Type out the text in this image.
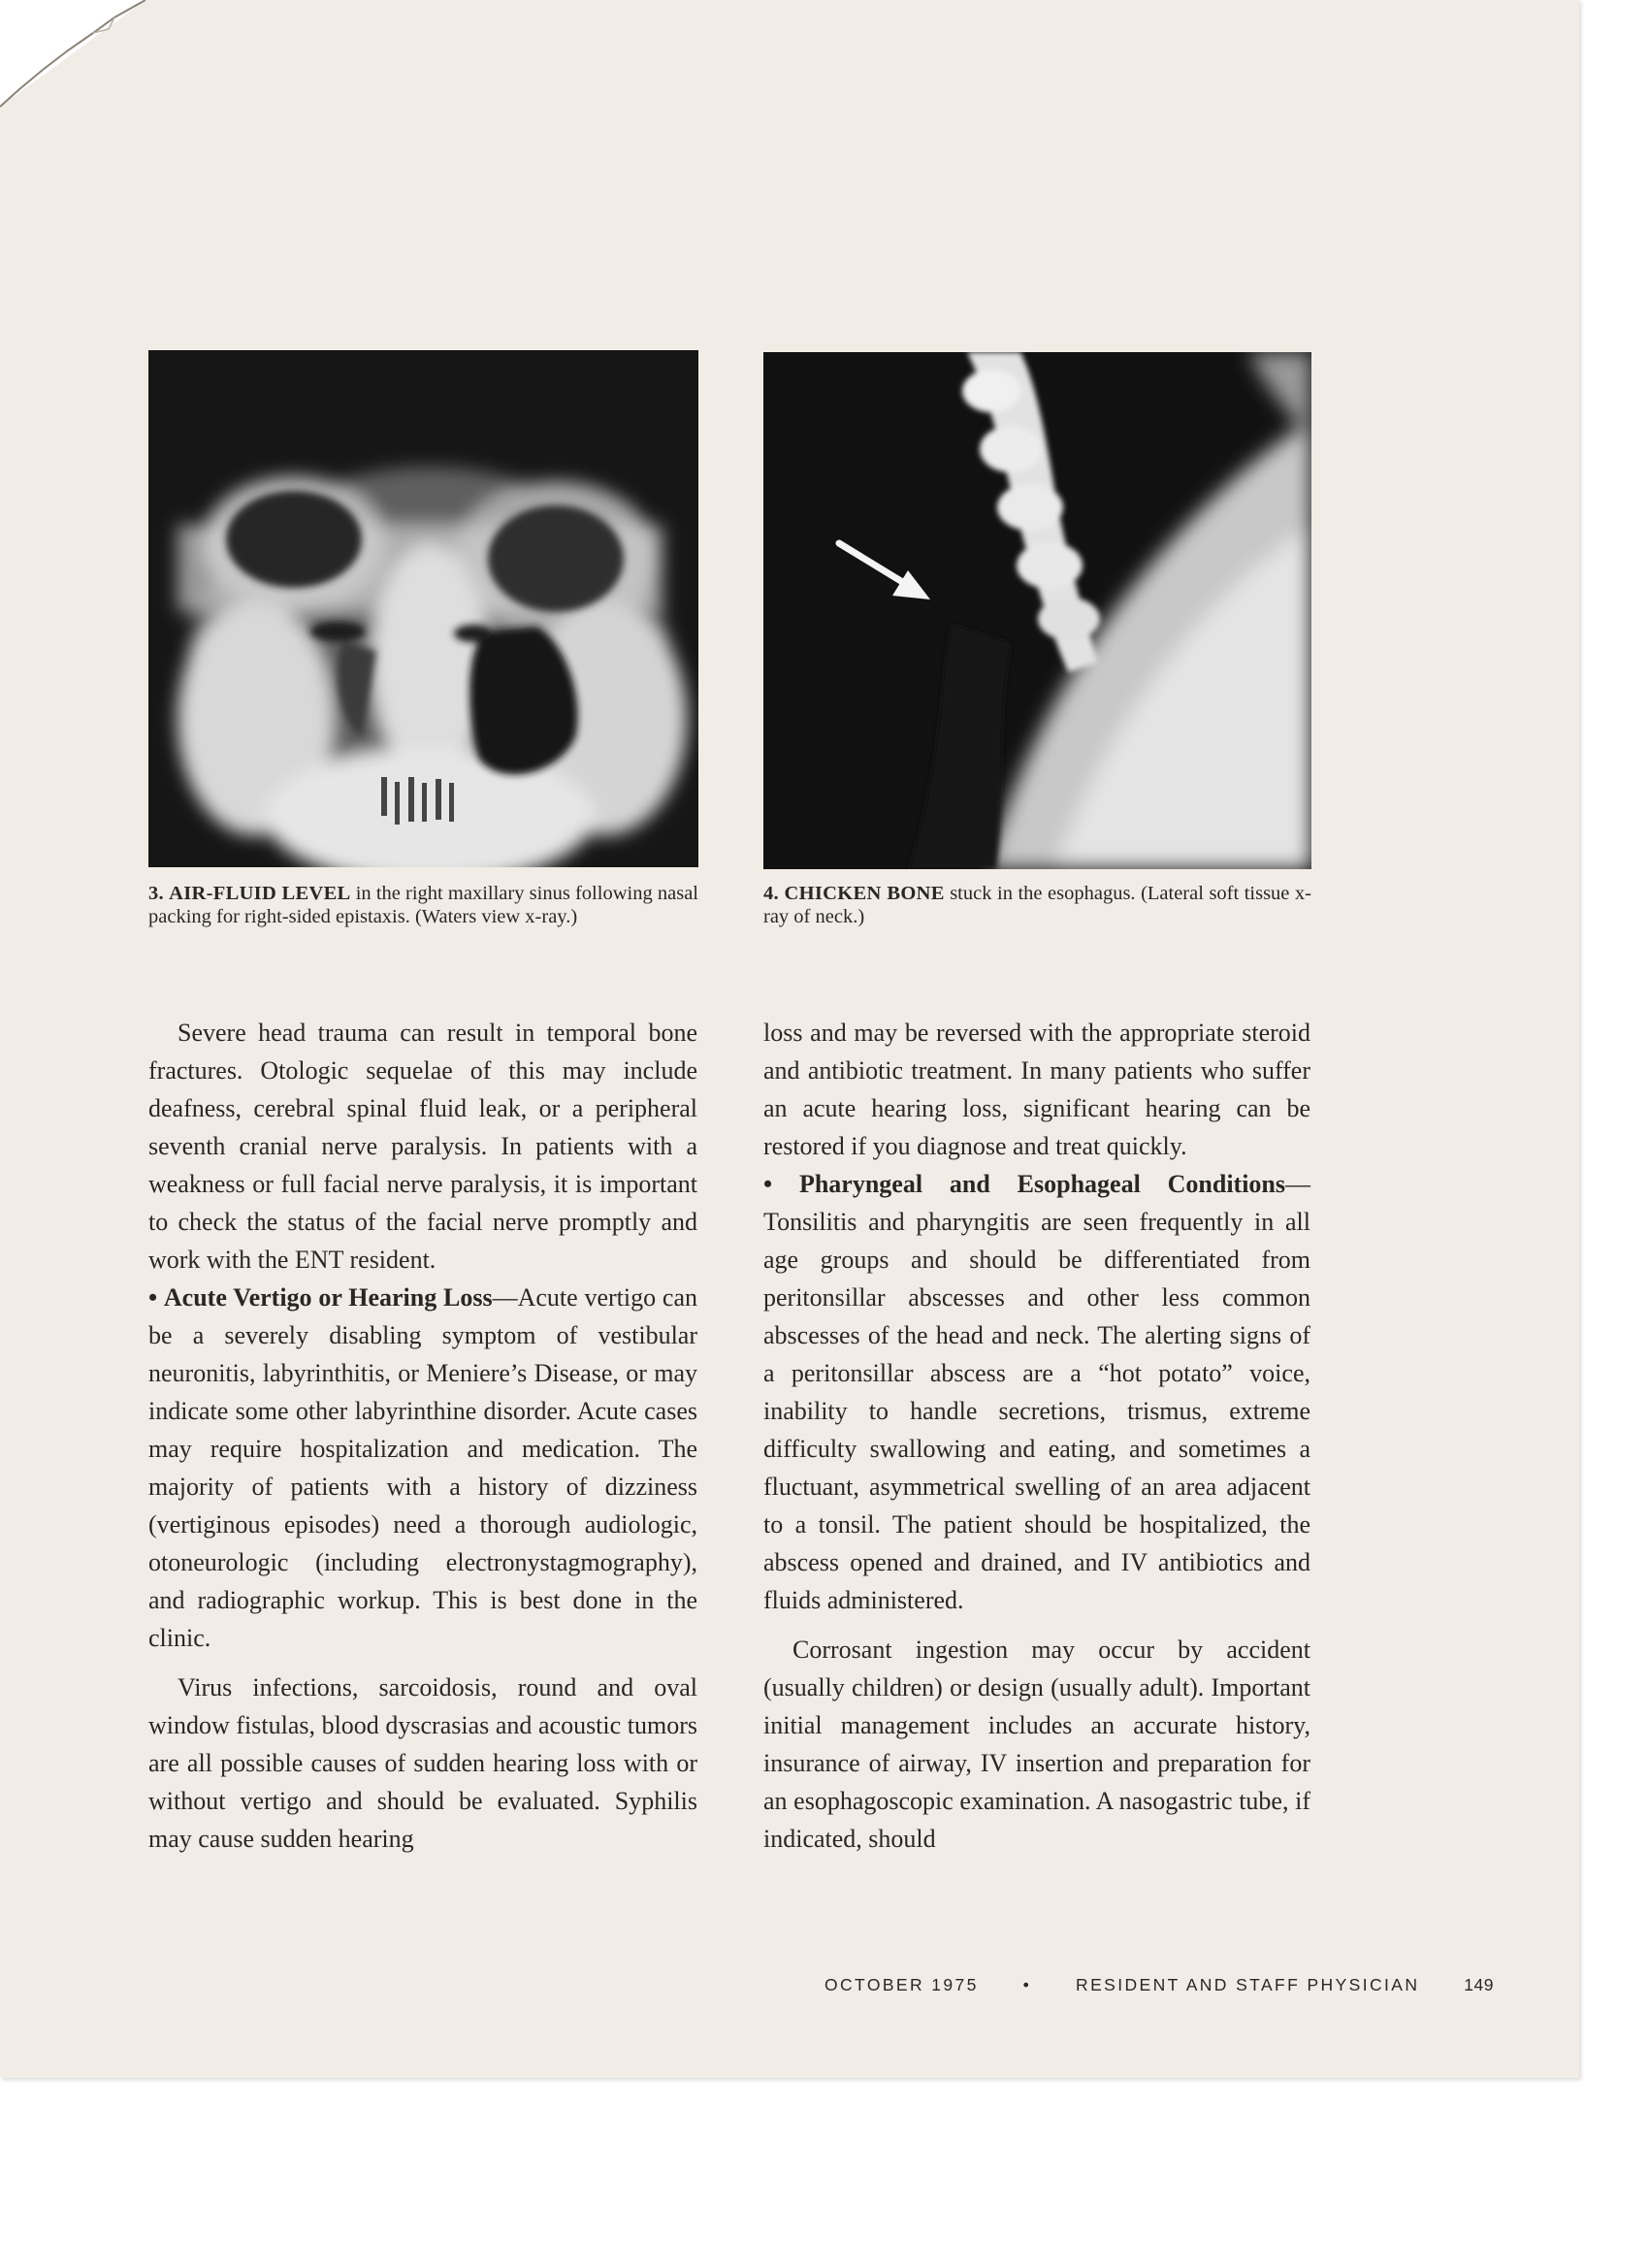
3. AIR-FLUID LEVEL in the right maxillary sinus following nasal packing for right-sided epistaxis. (Waters view x-ray.)
4. CHICKEN BONE stuck in the esophagus. (Lateral soft tissue x-ray of neck.)

Severe head trauma can result in temporal bone fractures. Otologic sequelae of this may include deafness, cerebral spinal fluid leak, or a peripheral seventh cranial nerve paralysis. In patients with a weakness or full facial nerve paralysis, it is important to check the status of the facial nerve promptly and work with the ENT resident.

• Acute Vertigo or Hearing Loss—Acute vertigo can be a severely disabling symptom of vestibular neuronitis, labyrinthitis, or Meniere’s Disease, or may indicate some other labyrinthine disorder. Acute cases may require hospitalization and medication. The majority of patients with a history of dizziness (vertiginous episodes) need a thorough audiologic, otoneurologic (including electronystagmography), and radiographic workup. This is best done in the clinic.

Virus infections, sarcoidosis, round and oval window fistulas, blood dyscrasias and acoustic tumors are all possible causes of sudden hearing loss with or without vertigo and should be evaluated. Syphilis may cause sudden hearing

loss and may be reversed with the appropriate steroid and antibiotic treatment. In many patients who suffer an acute hearing loss, significant hearing can be restored if you diagnose and treat quickly.

• Pharyngeal and Esophageal Conditions—Tonsilitis and pharyngitis are seen frequently in all age groups and should be differentiated from peritonsillar abscesses and other less common abscesses of the head and neck. The alerting signs of a peritonsillar abscess are a “hot potato” voice, inability to handle secretions, trismus, extreme difficulty swallowing and eating, and sometimes a fluctuant, asymmetrical swelling of an area adjacent to a tonsil. The patient should be hospitalized, the abscess opened and drained, and IV antibiotics and fluids administered.

Corrosant ingestion may occur by accident (usually children) or design (usually adult). Important initial management includes an accurate history, insurance of airway, IV insertion and preparation for an esophagoscopic examination. A nasogastric tube, if indicated, should

OCTOBER 1975	•	RESIDENT AND STAFF PHYSICIAN	149
